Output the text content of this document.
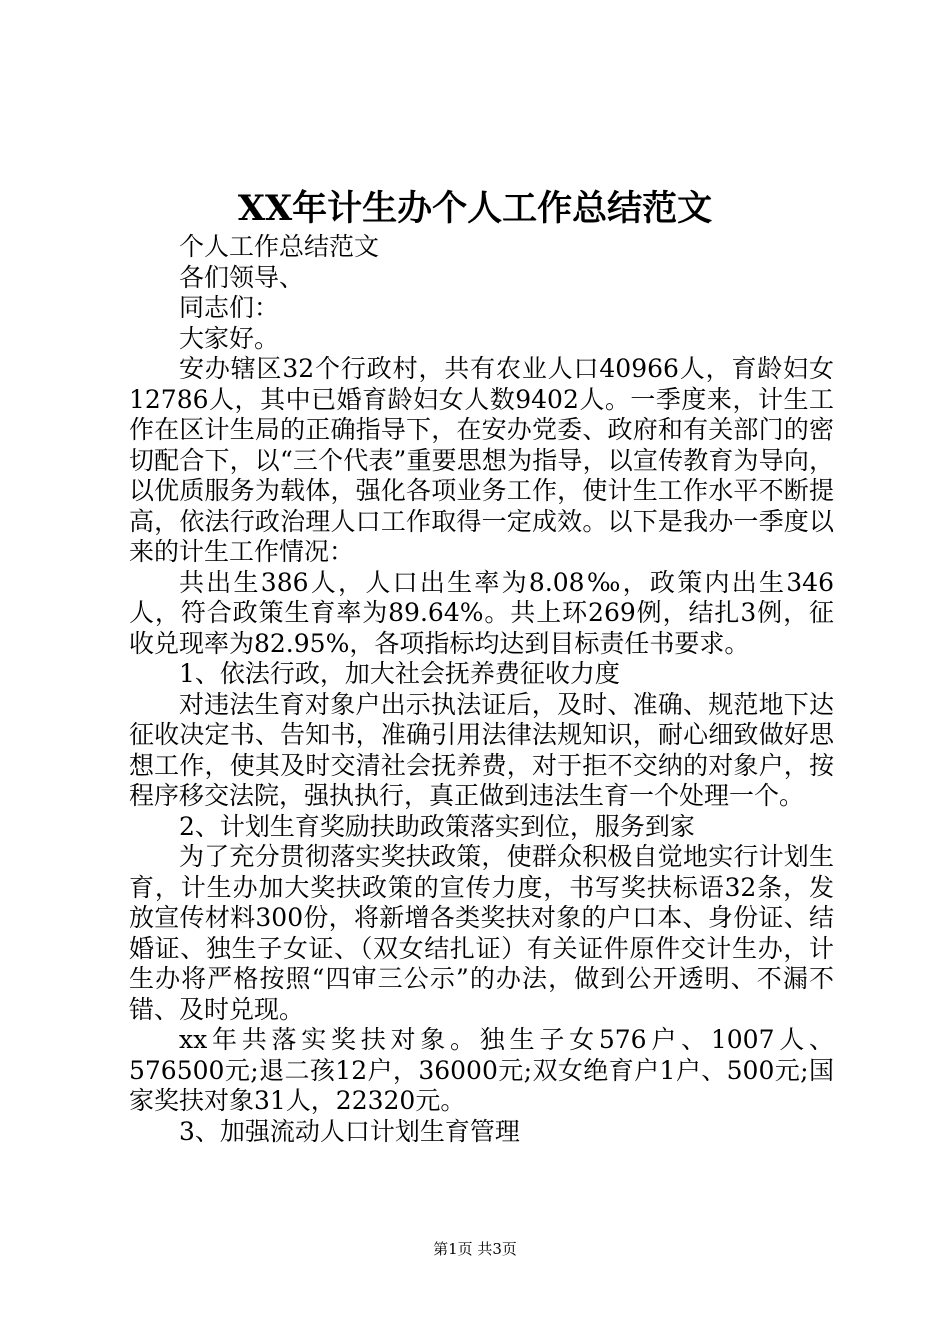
XX年计生办个人工作总结范文

个人工作总结范文

各们领导、

同志们：

大家好。

安办辖区32个行政村，共有农业人口40966人，育龄妇女12786人，其中已婚育龄妇女人数9402人。一季度来，计生工作在区计生局的正确指导下，在安办党委、政府和有关部门的密切配合下，以“三个代表”重要思想为指导，以宣传教育为导向，以优质服务为载体，强化各项业务工作，使计生工作水平不断提高，依法行政治理人口工作取得一定成效。以下是我办一季度以来的计生工作情况：

共出生386人，人口出生率为8.08‰，政策内出生346人，符合政策生育率为89.64%。共上环269例，结扎3例，征收兑现率为82.95%，各项指标均达到目标责任书要求。

1、依法行政，加大社会抚养费征收力度

对违法生育对象户出示执法证后，及时、准确、规范地下达征收决定书、告知书，准确引用法律法规知识，耐心细致做好思想工作，使其及时交清社会抚养费，对于拒不交纳的对象户，按程序移交法院，强执执行，真正做到违法生育一个处理一个。

2、计划生育奖励扶助政策落实到位，服务到家

为了充分贯彻落实奖扶政策，使群众积极自觉地实行计划生育，计生办加大奖扶政策的宣传力度，书写奖扶标语32条，发放宣传材料300份，将新增各类奖扶对象的户口本、身份证、结婚证、独生子女证、（双女结扎证）有关证件原件交计生办，计生办将严格按照“四审三公示”的办法，做到公开透明、不漏不错、及时兑现。

xx年共落实奖扶对象。独生子女576户、1007人、576500元;退二孩12户，36000元;双女绝育户1户、500元;国家奖扶对象31人，22320元。

3、加强流动人口计划生育管理

第1页 共3页
